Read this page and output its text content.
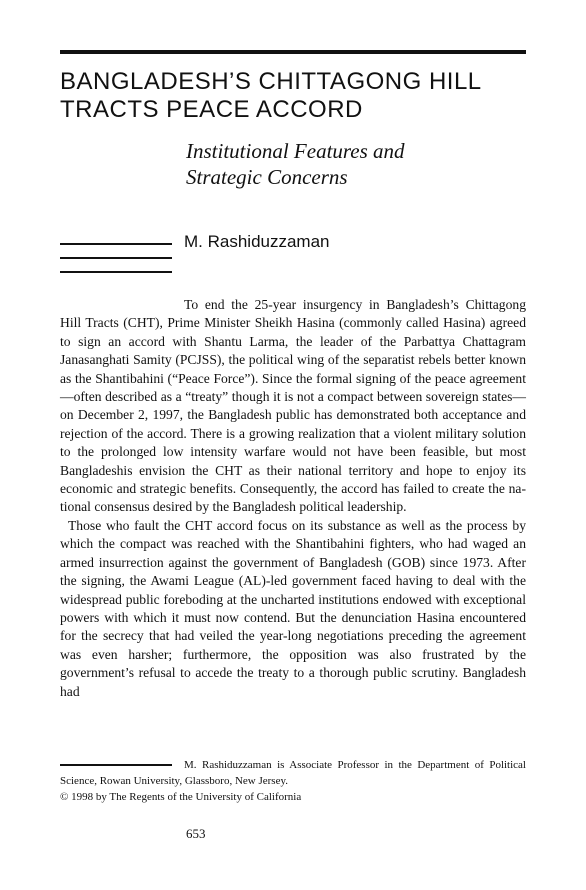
BANGLADESH’S CHITTAGONG HILL
TRACTS PEACE ACCORD
Institutional Features and
Strategic Concerns
M. Rashiduzzaman

To end the 25-year insurgency in Bangladesh’s Chittagong Hill Tracts (CHT), Prime Minister Sheikh Hasina (commonly called Hasina) agreed to sign an accord with Shantu Larma, the leader of the Parbattya Chattagram Janasanghati Samity (PCJSS), the political wing of the separatist rebels better known as the Shantibahini (“Peace Force”). Since the formal signing of the peace agreement—often described as a “treaty” though it is not a compact between sovereign states—on December 2, 1997, the Bangladesh public has demonstrated both acceptance and rejection of the accord. There is a growing realization that a violent military solution to the prolonged low intensity warfare would not have been feasible, but most Bangladeshis envision the CHT as their national territory and hope to enjoy its economic and strategic benefits. Consequently, the accord has failed to create the national consensus desired by the Bangladesh political leadership.

Those who fault the CHT accord focus on its substance as well as the process by which the compact was reached with the Shantibahini fighters, who had waged an armed insurrection against the government of Bangladesh (GOB) since 1973. After the signing, the Awami League (AL)-led government faced having to deal with the widespread public foreboding at the uncharted institutions endowed with exceptional powers with which it must now contend. But the denunciation Hasina encountered for the secrecy that had veiled the year-long negotiations preceding the agreement was even harsher; furthermore, the opposition was also frustrated by the government’s refusal to accede the treaty to a thorough public scrutiny. Bangladesh had

M. Rashiduzzaman is Associate Professor in the Department of Political Science, Rowan University, Glassboro, New Jersey.

© 1998 by The Regents of the University of California

653
